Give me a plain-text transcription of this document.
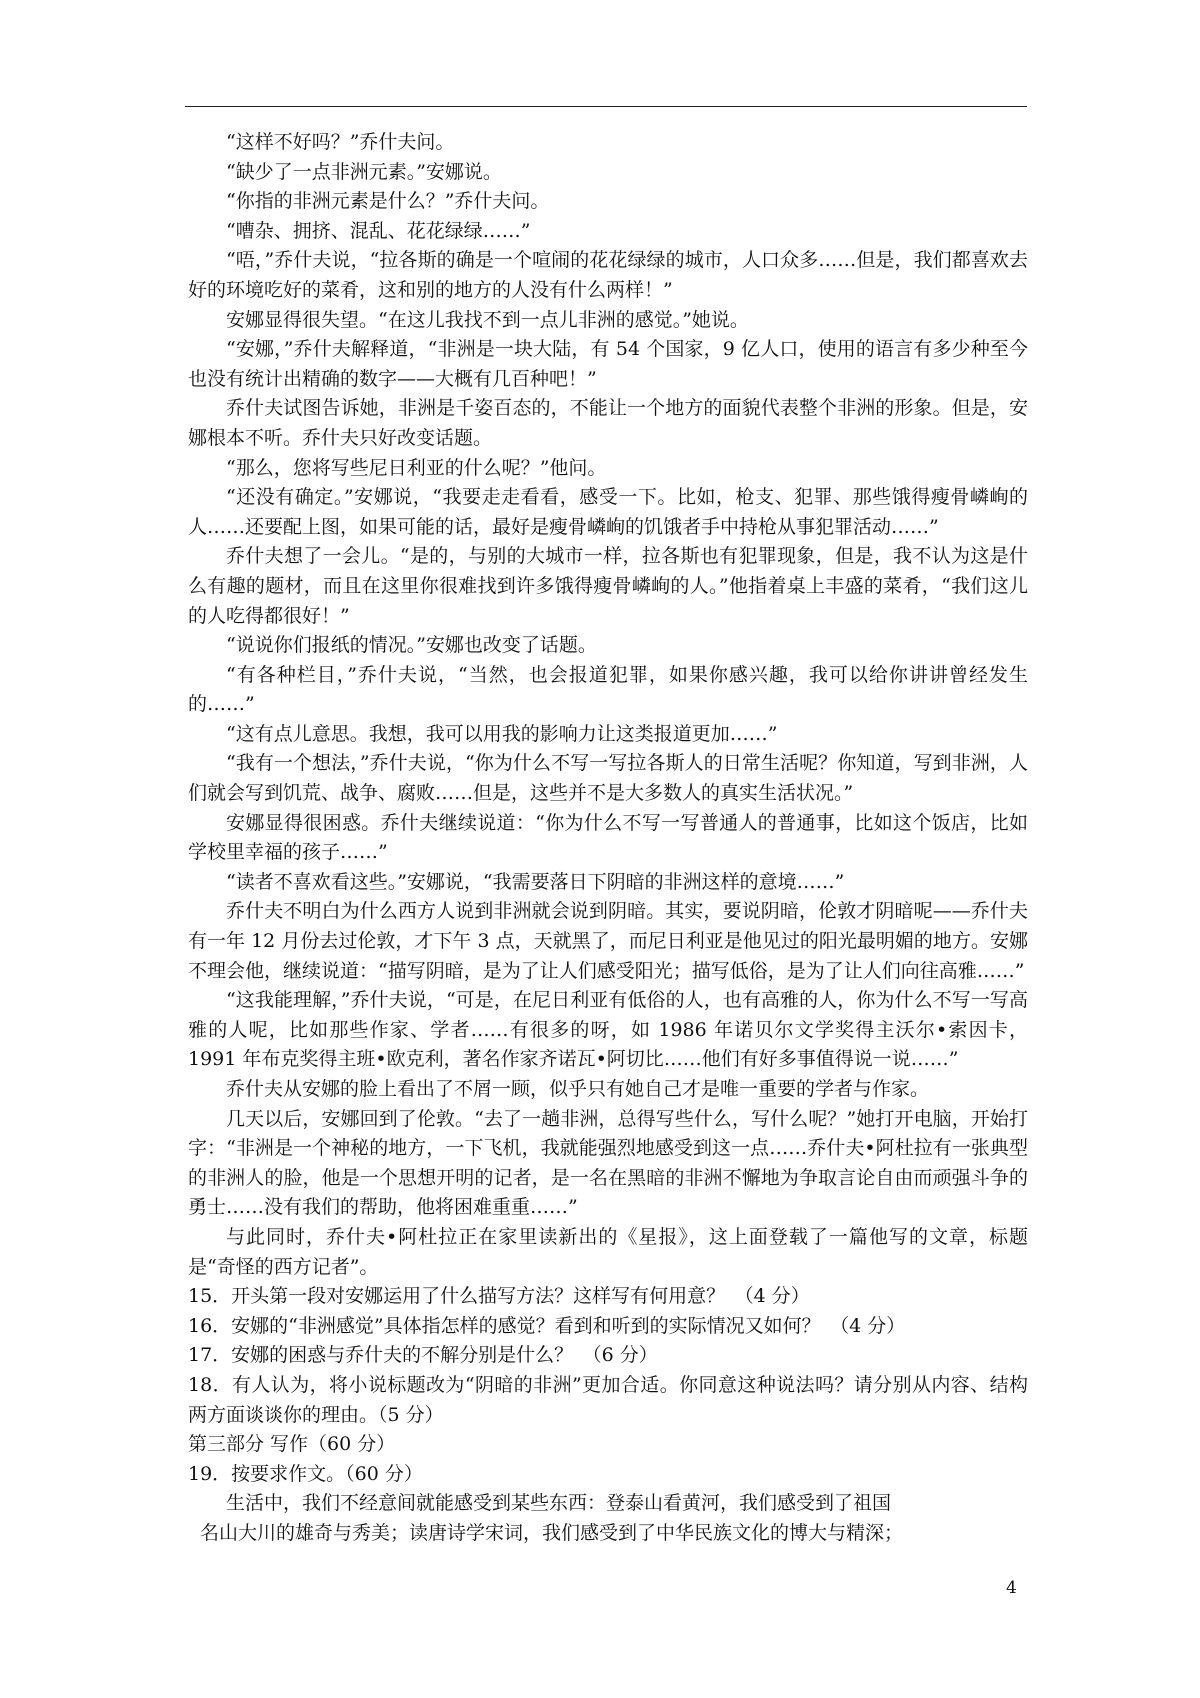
“这样不好吗？”乔什夫问。

“缺少了一点非洲元素。”安娜说。

“你指的非洲元素是什么？”乔什夫问。

“嘈杂、拥挤、混乱、花花绿绿……”

“唔，”乔什夫说，“拉各斯的确是一个喧闹的花花绿绿的城市，人口众多……但是，我们都喜欢去好的环境吃好的菜肴，这和别的地方的人没有什么两样！”

安娜显得很失望。“在这儿我找不到一点儿非洲的感觉。”她说。

“安娜，”乔什夫解释道，“非洲是一块大陆，有 54 个国家，9 亿人口，使用的语言有多少种至今也没有统计出精确的数字——大概有几百种吧！”

乔什夫试图告诉她，非洲是千姿百态的，不能让一个地方的面貌代表整个非洲的形象。但是，安娜根本不听。乔什夫只好改变话题。

“那么，您将写些尼日利亚的什么呢？”他问。

“还没有确定。”安娜说，“我要走走看看，感受一下。比如，枪支、犯罪、那些饿得瘦骨嶙峋的人……还要配上图，如果可能的话，最好是瘦骨嶙峋的饥饿者手中持枪从事犯罪活动……”

乔什夫想了一会儿。“是的，与别的大城市一样，拉各斯也有犯罪现象，但是，我不认为这是什么有趣的题材，而且在这里你很难找到许多饿得瘦骨嶙峋的人。”他指着桌上丰盛的菜肴，“我们这儿的人吃得都很好！”

“说说你们报纸的情况。”安娜也改变了话题。

“有各种栏目，”乔什夫说，“当然，也会报道犯罪，如果你感兴趣，我可以给你讲讲曾经发生的……”

“这有点儿意思。我想，我可以用我的影响力让这类报道更加……”

“我有一个想法，”乔什夫说，“你为什么不写一写拉各斯人的日常生活呢？你知道，写到非洲，人们就会写到饥荒、战争、腐败……但是，这些并不是大多数人的真实生活状况。”

安娜显得很困惑。乔什夫继续说道：“你为什么不写一写普通人的普通事，比如这个饭店，比如学校里幸福的孩子……”

“读者不喜欢看这些。”安娜说，“我需要落日下阴暗的非洲这样的意境……”

乔什夫不明白为什么西方人说到非洲就会说到阴暗。其实，要说阴暗，伦敦才阴暗呢——乔什夫有一年 12 月份去过伦敦，才下午 3 点，天就黑了，而尼日利亚是他见过的阳光最明媚的地方。安娜不理会他，继续说道：“描写阴暗，是为了让人们感受阳光；描写低俗，是为了让人们向往高雅……”

“这我能理解，”乔什夫说，“可是，在尼日利亚有低俗的人，也有高雅的人，你为什么不写一写高雅的人呢，比如那些作家、学者……有很多的呀，如 1986 年诺贝尔文学奖得主沃尔•索因卡，1991 年布克奖得主班•欧克利，著名作家齐诺瓦•阿切比……他们有好多事值得说一说……”

乔什夫从安娜的脸上看出了不屑一顾，似乎只有她自己才是唯一重要的学者与作家。

几天以后，安娜回到了伦敦。“去了一趟非洲，总得写些什么，写什么呢？”她打开电脑，开始打字：“非洲是一个神秘的地方，一下飞机，我就能强烈地感受到这一点……乔什夫•阿杜拉有一张典型的非洲人的脸，他是一个思想开明的记者，是一名在黑暗的非洲不懈地为争取言论自由而顽强斗争的勇士……没有我们的帮助，他将困难重重……”

与此同时，乔什夫•阿杜拉正在家里读新出的《星报》，这上面登载了一篇他写的文章，标题是“奇怪的西方记者”。

15．开头第一段对安娜运用了什么描写方法？这样写有何用意？　（4 分）

16．安娜的“非洲感觉”具体指怎样的感觉？看到和听到的实际情况又如何？　（4 分）

17．安娜的困惑与乔什夫的不解分别是什么？　（6 分）

18．有人认为，将小说标题改为“阴暗的非洲”更加合适。你同意这种说法吗？请分别从内容、结构两方面谈谈你的理由。（5 分）

第三部分 写作（60 分）

19．按要求作文。（60 分）

生活中，我们不经意间就能感受到某些东西：登泰山看黄河，我们感受到了祖国

名山大川的雄奇与秀美；读唐诗学宋词，我们感受到了中华民族文化的博大与精深；

4
